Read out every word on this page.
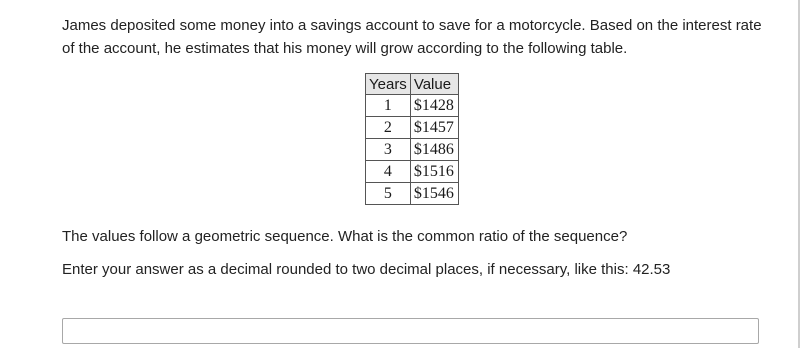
James deposited some money into a savings account to save for a motorcycle. Based on the interest rate of the account, he estimates that his money will grow according to the following table.

Years	Value
1	$1428
2	$1457
3	$1486
4	$1516
5	$1546

The values follow a geometric sequence. What is the common ratio of the sequence?

Enter your answer as a decimal rounded to two decimal places, if necessary, like this: 42.53
